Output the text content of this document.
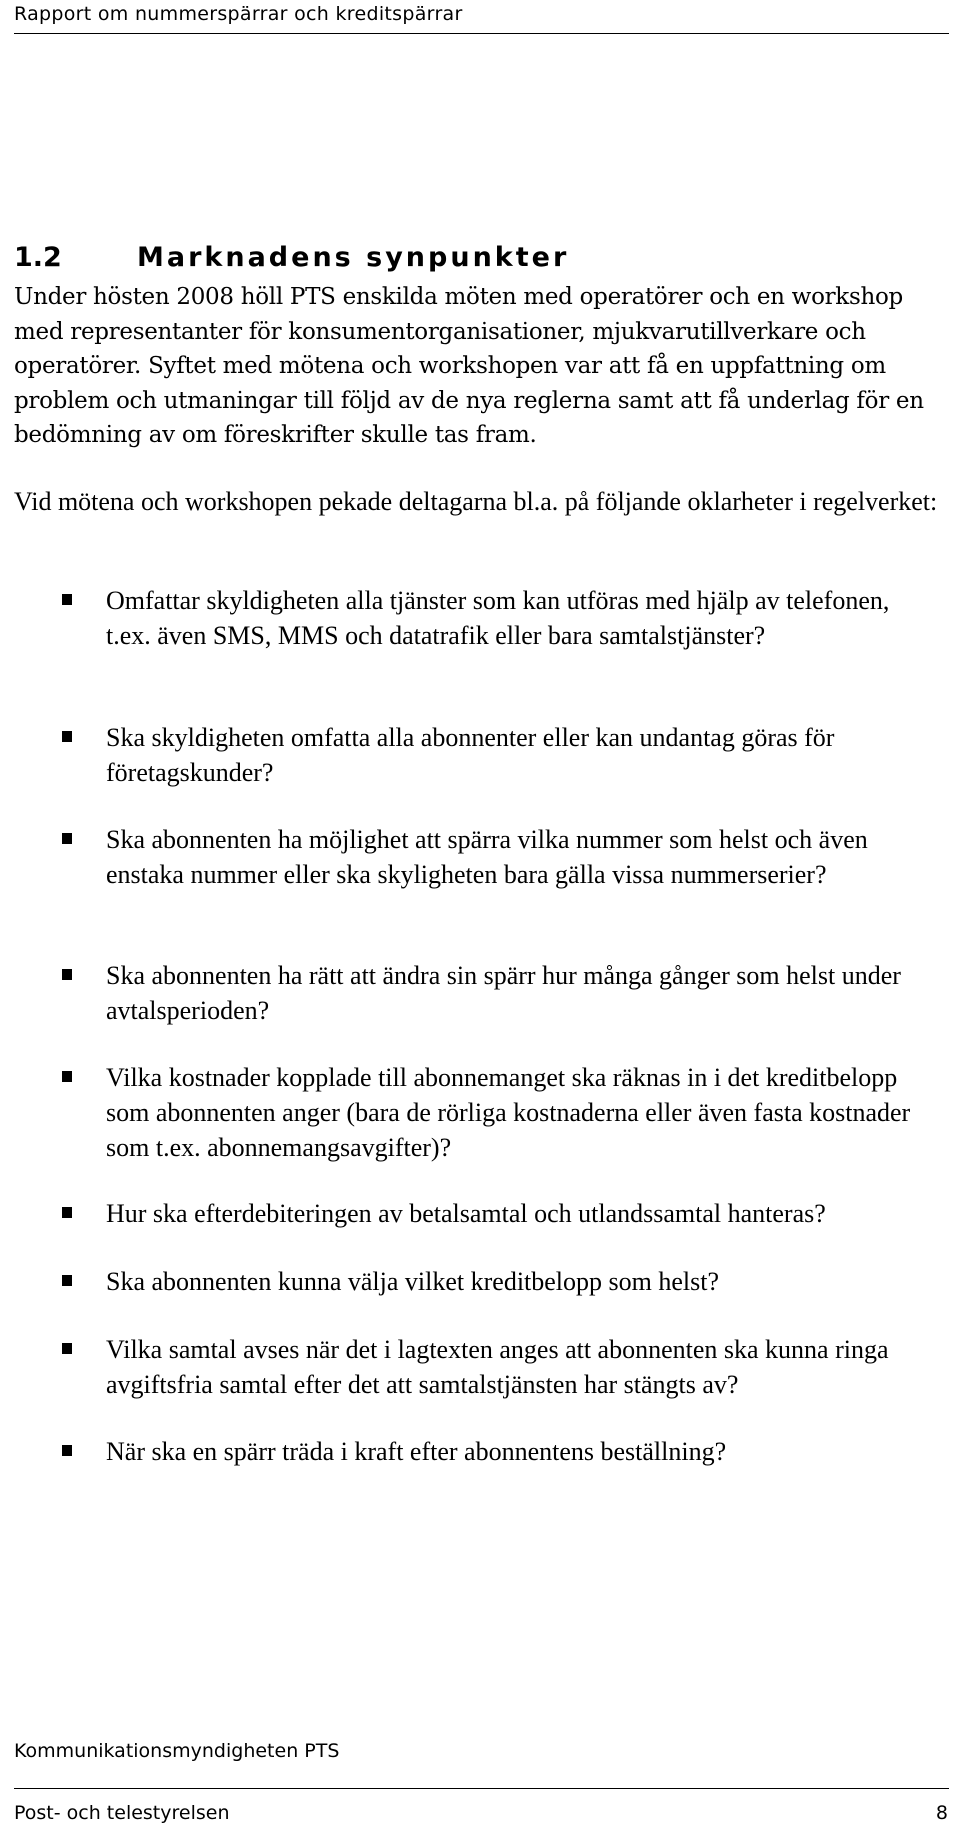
Rapport om nummerspärrar och kreditspärrar
1.2	Marknadens synpunkter

Under hösten 2008 höll PTS enskilda möten med operatörer och en workshop med representanter för konsumentorganisationer, mjukvarutillverkare och operatörer. Syftet med mötena och workshopen var att få en uppfattning om problem och utmaningar till följd av de nya reglerna samt att få underlag för en bedömning av om föreskrifter skulle tas fram.

Vid mötena och workshopen pekade deltagarna bl.a. på följande oklarheter i regelverket:

Omfattar skyldigheten alla tjänster som kan utföras med hjälp av telefonen, t.ex. även SMS, MMS och datatrafik eller bara samtalstjänster?
Ska skyldigheten omfatta alla abonnenter eller kan undantag göras för företagskunder?
Ska abonnenten ha möjlighet att spärra vilka nummer som helst och även enstaka nummer eller ska skyligheten bara gälla vissa nummerserier?
Ska abonnenten ha rätt att ändra sin spärr hur många gånger som helst under avtalsperioden?
Vilka kostnader kopplade till abonnemanget ska räknas in i det kreditbelopp som abonnenten anger (bara de rörliga kostnaderna eller även fasta kostnader som t.ex. abonnemangsavgifter)?
Hur ska efterdebiteringen av betalsamtal och utlandssamtal hanteras?
Ska abonnenten kunna välja vilket kreditbelopp som helst?
Vilka samtal avses när det i lagtexten anges att abonnenten ska kunna ringa avgiftsfria samtal efter det att samtalstjänsten har stängts av?
När ska en spärr träda i kraft efter abonnentens beställning?
Kommunikationsmyndigheten PTS
Post- och telestyrelsen	8
